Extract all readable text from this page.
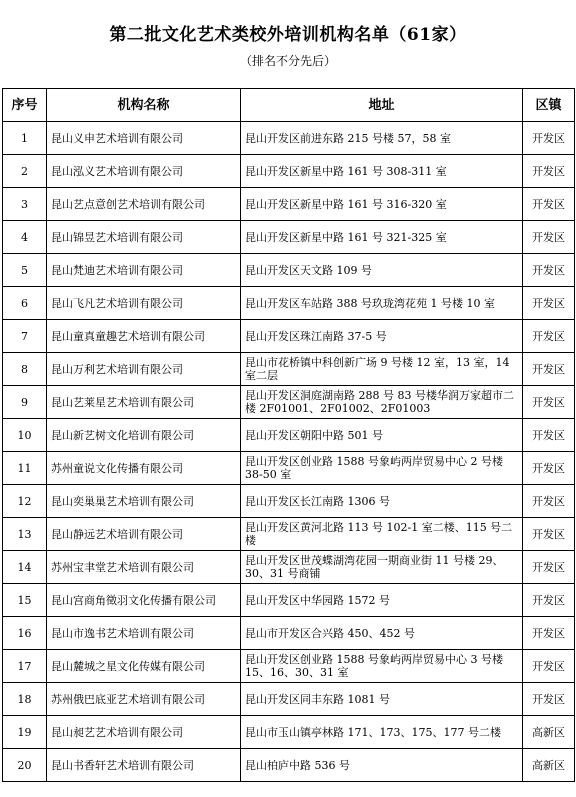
第二批文化艺术类校外培训机构名单（61家）
（排名不分先后）
序号	机构名称	地址	区镇
1	昆山义申艺术培训有限公司	昆山开发区前进东路 215 号楼 57，58 室	开发区
2	昆山泓义艺术培训有限公司	昆山开发区新星中路 161 号 308-311 室	开发区
3	昆山艺点意创艺术培训有限公司	昆山开发区新星中路 161 号 316-320 室	开发区
4	昆山锦昱艺术培训有限公司	昆山开发区新星中路 161 号 321-325 室	开发区
5	昆山梵迪艺术培训有限公司	昆山开发区天文路 109 号	开发区
6	昆山飞凡艺术培训有限公司	昆山开发区车站路 388 号玖珑湾花苑 1 号楼 10 室	开发区
7	昆山童真童趣艺术培训有限公司	昆山开发区珠江南路 37-5 号	开发区
8	昆山万利艺术培训有限公司	昆山市花桥镇中科创新广场 9 号楼 12 室，13 室，14 室二层	开发区
9	昆山艺莱星艺术培训有限公司	昆山开发区洞庭湖南路 288 号 83 号楼华润万家超市二楼 2F01001、2F01002、2F01003	开发区
10	昆山新艺树文化培训有限公司	昆山开发区朝阳中路 501 号	开发区
11	苏州童说文化传播有限公司	昆山开发区创业路 1588 号象屿两岸贸易中心 2 号楼 38-50 室	开发区
12	昆山奕巢巢艺术培训有限公司	昆山开发区长江南路 1306 号	开发区
13	昆山静远艺术培训有限公司	昆山开发区黄河北路 113 号 102-1 室二楼、115 号二楼	开发区
14	苏州宝聿堂艺术培训有限公司	昆山开发区世茂蝶湖湾花园一期商业街 11 号楼 29、30、31 号商铺	开发区
15	昆山宫商角徵羽文化传播有限公司	昆山开发区中华园路 1572 号	开发区
16	昆山市逸书艺术培训有限公司	昆山市开发区合兴路 450、452 号	开发区
17	昆山麓城之星文化传媒有限公司	昆山开发区创业路 1588 号象屿两岸贸易中心 3 号楼 15、16、30、31 室	开发区
18	苏州俄巴底亚艺术培训有限公司	昆山开发区同丰东路 1081 号	开发区
19	昆山昶艺艺术培训有限公司	昆山市玉山镇亭林路 171、173、175、177 号二楼	高新区
20	昆山书香轩艺术培训有限公司	昆山柏庐中路 536 号	高新区
